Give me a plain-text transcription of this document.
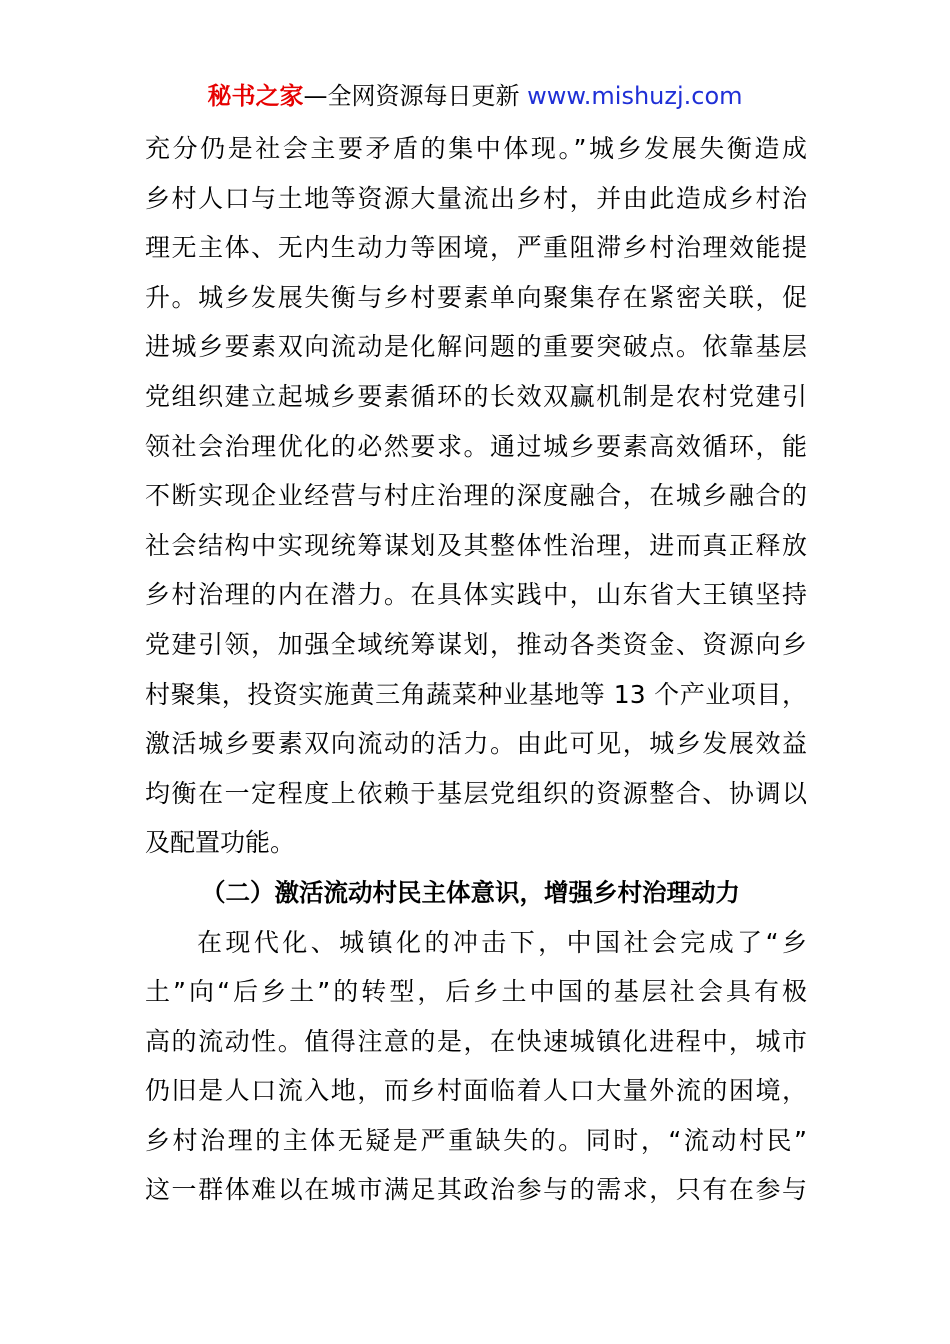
秘书之家—全网资源每日更新 www.mishuzj.com
充分仍是社会主要矛盾的集中体现。”城乡发展失衡造成
乡村人口与土地等资源大量流出乡村，并由此造成乡村治
理无主体、无内生动力等困境，严重阻滞乡村治理效能提
升。城乡发展失衡与乡村要素单向聚集存在紧密关联，促
进城乡要素双向流动是化解问题的重要突破点。依靠基层
党组织建立起城乡要素循环的长效双赢机制是农村党建引
领社会治理优化的必然要求。通过城乡要素高效循环，能
不断实现企业经营与村庄治理的深度融合，在城乡融合的
社会结构中实现统筹谋划及其整体性治理，进而真正释放
乡村治理的内在潜力。在具体实践中，山东省大王镇坚持
党建引领，加强全域统筹谋划，推动各类资金、资源向乡
村聚集，投资实施黄三角蔬菜种业基地等 13 个产业项目，
激活城乡要素双向流动的活力。由此可见，城乡发展效益
均衡在一定程度上依赖于基层党组织的资源整合、协调以
及配置功能。
（二）激活流动村民主体意识，增强乡村治理动力
在现代化、城镇化的冲击下，中国社会完成了“乡
土”向“后乡土”的转型，后乡土中国的基层社会具有极
高的流动性。值得注意的是，在快速城镇化进程中，城市
仍旧是人口流入地，而乡村面临着人口大量外流的困境，
乡村治理的主体无疑是严重缺失的。同时，“流动村民”
这一群体难以在城市满足其政治参与的需求，只有在参与
